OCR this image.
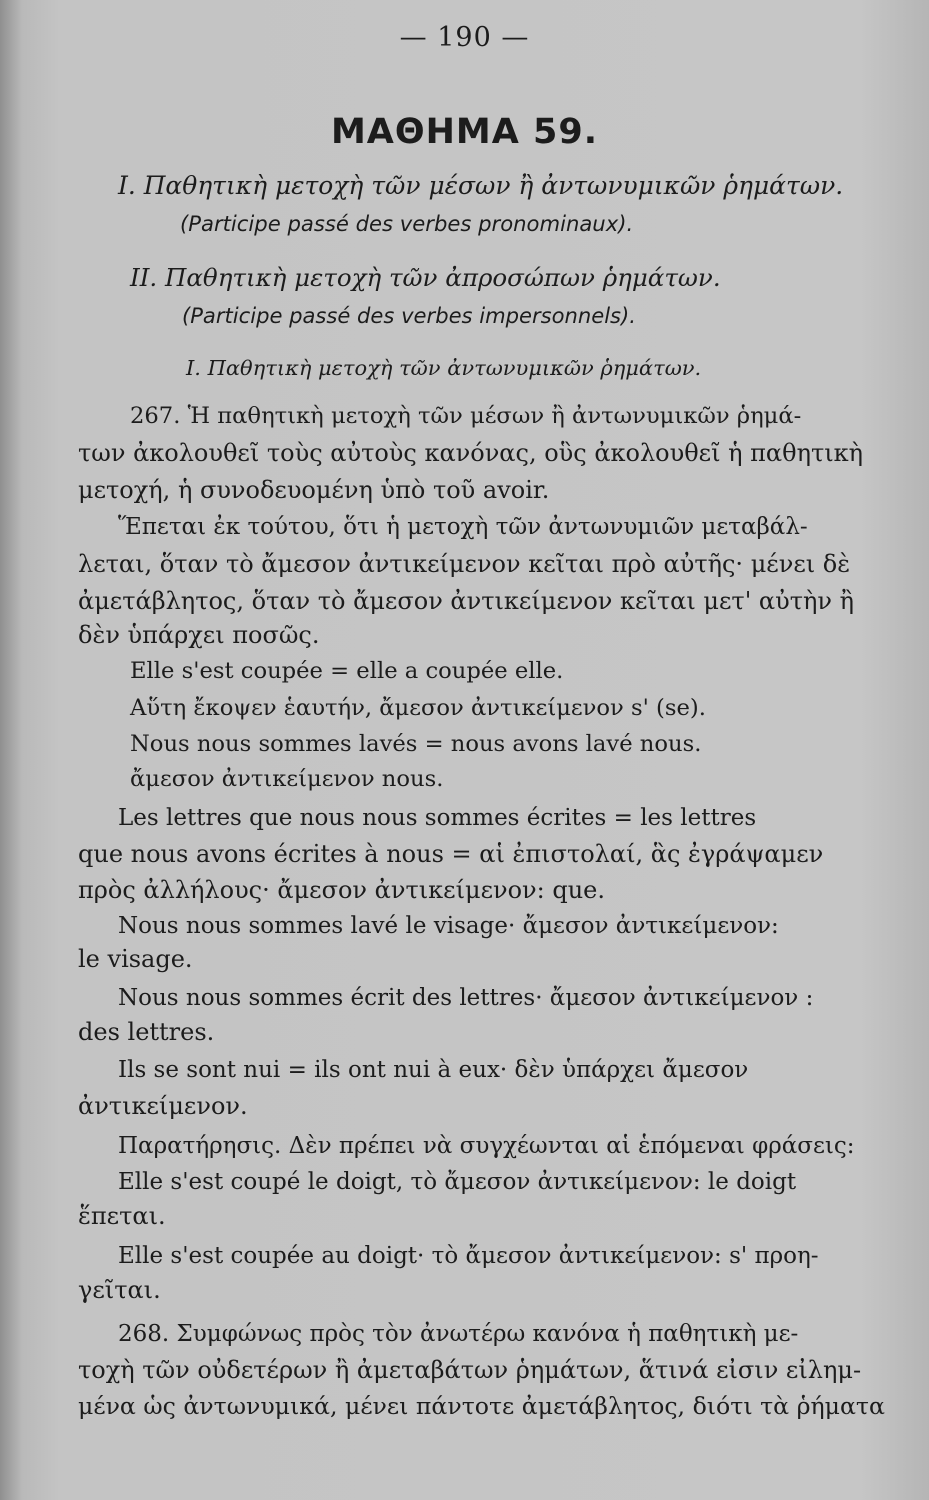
— 190 —
ΜΑΘΗΜΑ 59.
I. Παθητικὴ μετοχὴ τῶν μέσων ἢ ἀντωνυμικῶν ῥημάτων.
(Participe passé des verbes pronominaux).
II. Παθητικὴ μετοχὴ τῶν ἀπροσώπων ῥημάτων.
(Participe passé des verbes impersonnels).
I. Παθητικὴ μετοχὴ τῶν ἀντωνυμικῶν ῥημάτων.
267. Ἡ παθητικὴ μετοχὴ τῶν μέσων ἢ ἀντωνυμικῶν ῥημά-
των ἀκολουθεῖ τοὺς αὐτοὺς κανόνας, οὓς ἀκολουθεῖ ἡ παθητικὴ
μετοχή, ἡ συνοδευομένη ὑπὸ τοῦ avoir.
Ἕπεται ἐκ τούτου, ὅτι ἡ μετοχὴ τῶν ἀντωνυμιῶν μεταβάλ-
λεται, ὅταν τὸ ἄμεσον ἀντικείμενον κεῖται πρὸ αὐτῆς· μένει δὲ
ἀμετάβλητος, ὅταν τὸ ἄμεσον ἀντικείμενον κεῖται μετ' αὐτὴν ἢ
δὲν ὑπάρχει ποσῶς.
Elle s'est coupée = elle a coupée elle.
Αὕτη ἔκοψεν ἑαυτήν, ἄμεσον ἀντικείμενον s' (se).
Nous nous sommes lavés = nous avons lavé nous.
ἄμεσον ἀντικείμενον nous.
Les lettres que nous nous sommes écrites = les lettres
que nous avons écrites à nous = αἱ ἐπιστολαί, ἃς ἐγράψαμεν
πρὸς ἀλλήλους· ἄμεσον ἀντικείμενον: que.
Nous nous sommes lavé le visage· ἄμεσον ἀντικείμενον:
le visage.
Nous nous sommes écrit des lettres· ἄμεσον ἀντικείμενον :
des lettres.
Ils se sont nui = ils ont nui à eux· δὲν ὑπάρχει ἄμεσον
ἀντικείμενον.
Παρατήρησις. Δὲν πρέπει νὰ συγχέωνται αἱ ἑπόμεναι φράσεις:
Elle s'est coupé le doigt, τὸ ἄμεσον ἀντικείμενον: le doigt
ἕπεται.
Elle s'est coupée au doigt· τὸ ἄμεσον ἀντικείμενον: s' προη-
γεῖται.
268. Συμφώνως πρὸς τὸν ἀνωτέρω κανόνα ἡ παθητικὴ με-
τοχὴ τῶν οὐδετέρων ἢ ἀμεταβάτων ῥημάτων, ἅτινά εἰσιν εἰλημ-
μένα ὡς ἀντωνυμικά, μένει πάντοτε ἀμετάβλητος, διότι τὰ ῥήματα
